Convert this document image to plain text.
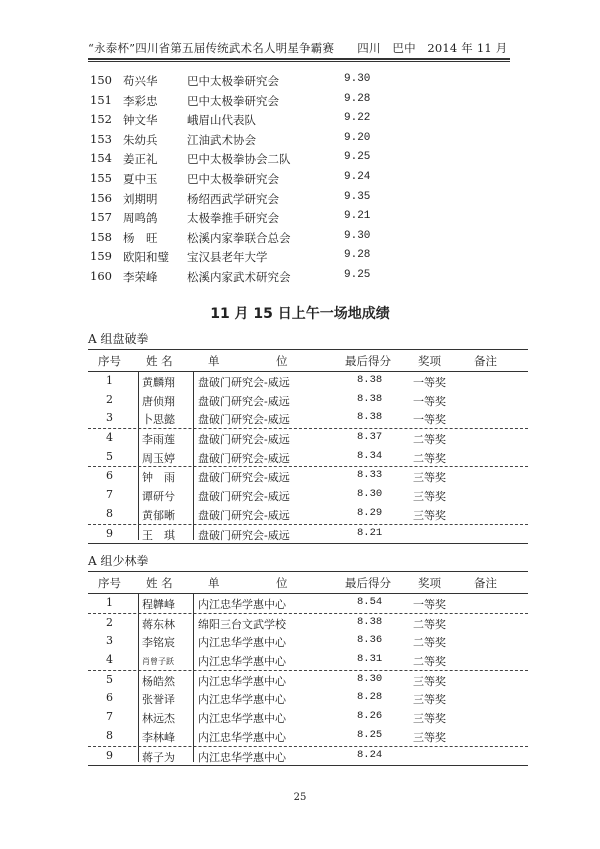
“永泰杯”四川省第五届传统武术名人明星争霸赛 四川　巴中 2014 年 11 月
150 苟兴华	巴中太极拳研究会	9.30
151 李彩忠	巴中太极拳研究会	9.28
152 钟文华	峨眉山代表队	9.22
153 朱幼兵	江油武术协会	9.20
154 姜正礼	巴中太极拳协会二队	9.25
155 夏中玉	巴中太极拳研究会	9.24
156 刘期明	杨绍西武学研究会	9.35
157 周鸣鸽	太极拳推手研究会	9.21
158 杨　旺	松溪内家拳联合总会	9.30
159 欧阳和璧 宝汉县老年大学	9.28
160 李荣峰	松溪内家武术研究会	9.25
11 月 15 日上午一场地成绩
A 组盘破拳
序号 姓 名	单	位	最后得分 奖项	备注
1	黄麟翔 盘破门研究会-威远	8.38	一等奖
2	唐侦翔 盘破门研究会-威远	8.38	一等奖
3	卜思懿 盘破门研究会-威远	8.38	一等奖
4	李雨莲 盘破门研究会-威远	8.37	二等奖
5	周玉婷 盘破门研究会-威远	8.34	二等奖
6	钟　雨 盘破门研究会-威远	8.33	三等奖
7	谭研兮 盘破门研究会-威远	8.30	三等奖
8	黄郁晰 盘破门研究会-威远	8.29	三等奖
9	王　琪 盘破门研究会-威远	8.21
A 组少林拳
序号 姓 名	单	位	最后得分 奖项	备注
1	程韡峰 内江忠华学惠中心	8.54	一等奖
2	蒋东林 绵阳三台文武学校	8.38	二等奖
3	李铭宸 内江忠华学惠中心	8.36	二等奖
4	肖曾子跃 内江忠华学惠中心	8.31	二等奖
5	杨皓然 内江忠华学惠中心	8.30	三等奖
6	张誉译 内江忠华学惠中心	8.28	三等奖
7	林远杰 内江忠华学惠中心	8.26	三等奖
8	李林峰 内江忠华学惠中心	8.25	三等奖
9	蒋子为 内江忠华学惠中心	8.24
25
